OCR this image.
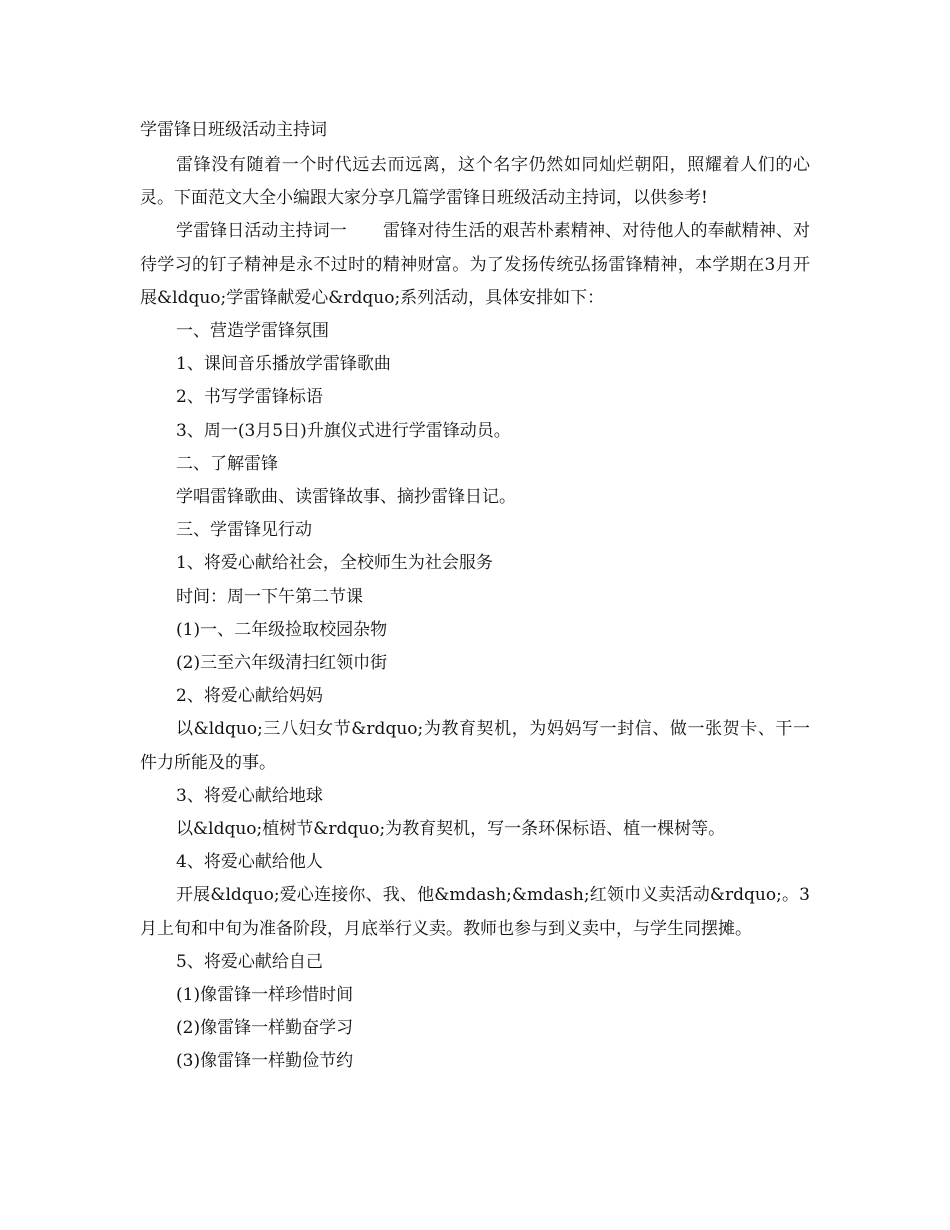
学雷锋日班级活动主持词

雷锋没有随着一个时代远去而远离，这个名字仍然如同灿烂朝阳，照耀着人们的心灵。下面范文大全小编跟大家分享几篇学雷锋日班级活动主持词，以供参考!

学雷锋日活动主持词一 雷锋对待生活的艰苦朴素精神、对待他人的奉献精神、对待学习的钉子精神是永不过时的精神财富。为了发扬传统弘扬雷锋精神，本学期在3月开展&ldquo;学雷锋献爱心&rdquo;系列活动，具体安排如下：

一、营造学雷锋氛围

1、课间音乐播放学雷锋歌曲

2、书写学雷锋标语

3、周一(3月5日)升旗仪式进行学雷锋动员。

二、了解雷锋

学唱雷锋歌曲、读雷锋故事、摘抄雷锋日记。

三、学雷锋见行动

1、将爱心献给社会，全校师生为社会服务

时间：周一下午第二节课

(1)一、二年级捡取校园杂物

(2)三至六年级清扫红领巾街

2、将爱心献给妈妈

以&ldquo;三八妇女节&rdquo;为教育契机，为妈妈写一封信、做一张贺卡、干一件力所能及的事。

3、将爱心献给地球

以&ldquo;植树节&rdquo;为教育契机，写一条环保标语、植一棵树等。

4、将爱心献给他人

开展&ldquo;爱心连接你、我、他&mdash;&mdash;红领巾义卖活动&rdquo;。3月上旬和中旬为准备阶段，月底举行义卖。教师也参与到义卖中，与学生同摆摊。

5、将爱心献给自己

(1)像雷锋一样珍惜时间

(2)像雷锋一样勤奋学习

(3)像雷锋一样勤俭节约
